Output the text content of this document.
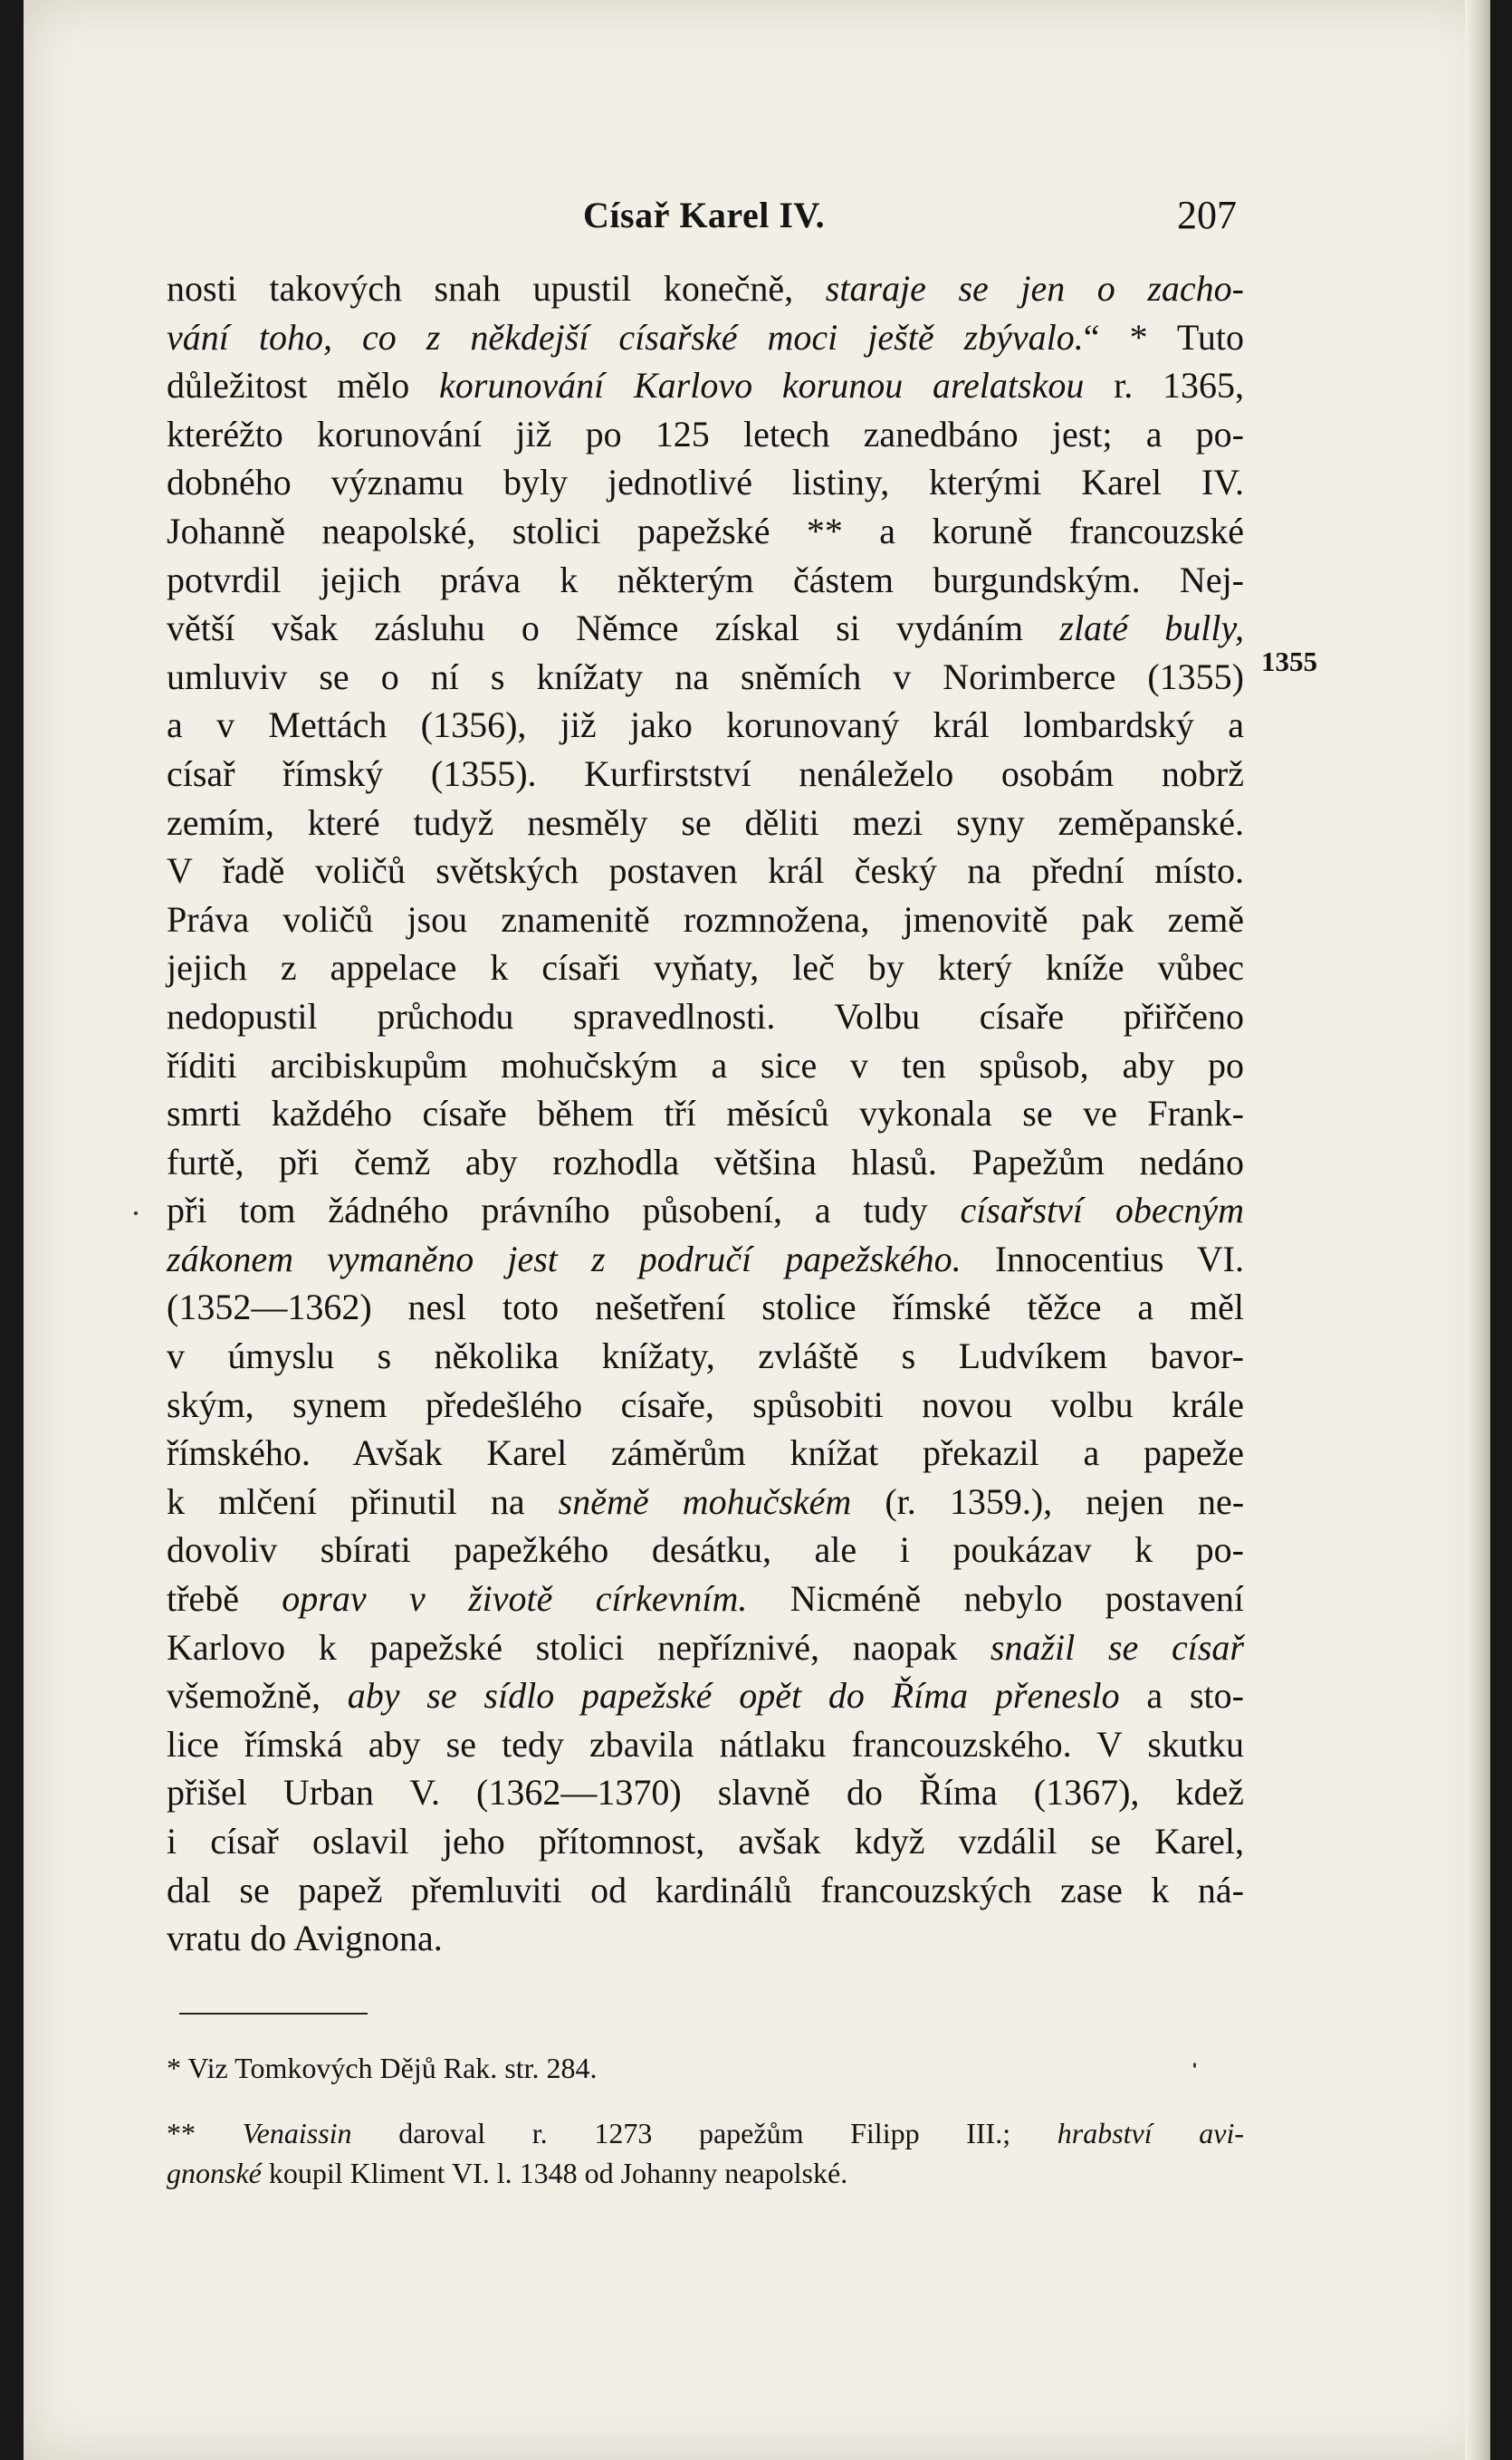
Císař Karel IV.	207
nosti takových snah upustil konečně, staraje se jen o zacho-
vání toho, co z někdejší císařské moci ještě zbývalo.“ * Tuto
důležitost mělo korunování Karlovo korunou arelatskou r. 1365,
kteréžto korunování již po 125 letech zanedbáno jest; a po-
dobného významu byly jednotlivé listiny, kterými Karel IV.
Johanně neapolské, stolici papežské ** a koruně francouzské
potvrdil jejich práva k některým částem burgundským. Nej-
větší však zásluhu o Němce získal si vydáním zlaté bully,
umluviv se o ní s knížaty na sněmích v Norimberce (1355)
a v Mettách (1356), již jako korunovaný král lombardský a
císař římský (1355). Kurfirstství nenáleželo osobám nobrž
zemím, které tudyž nesměly se děliti mezi syny zeměpanské.
V řadě voličů světských postaven král český na přední místo.
Práva voličů jsou znamenitě rozmnožena, jmenovitě pak země
jejich z appelace k císaři vyňaty, leč by který kníže vůbec
nedopustil průchodu spravedlnosti. Volbu císaře přiřčeno
říditi arcibiskupům mohučským a sice v ten spůsob, aby po
smrti každého císaře během tří měsíců vykonala se ve Frank-
furtě, při čemž aby rozhodla většina hlasů. Papežům nedáno
při tom žádného právního působení, a tudy císařství obecným
zákonem vymaněno jest z područí papežského. Innocentius VI.
(1352—1362) nesl toto nešetření stolice římské těžce a měl
v úmyslu s několika knížaty, zvláště s Ludvíkem bavor-
ským, synem předešlého císaře, spůsobiti novou volbu krále
římského. Avšak Karel záměrům knížat překazil a papeže
k mlčení přinutil na sněmě mohučském (r. 1359.), nejen ne-
dovoliv sbírati papežkého desátku, ale i poukázav k po-
třebě oprav v životě církevním. Nicméně nebylo postavení
Karlovo k papežské stolici nepříznivé, naopak snažil se císař
všemožně, aby se sídlo papežské opět do Říma přeneslo a sto-
lice římská aby se tedy zbavila nátlaku francouzského. V skutku
přišel Urban V. (1362—1370) slavně do Říma (1367), kdež
i císař oslavil jeho přítomnost, avšak když vzdálil se Karel,
dal se papež přemluviti od kardinálů francouzských zase k ná-
vratu do Avignona.
1355
* Viz Tomkových Dějů Rak. str. 284.
** Venaissin daroval r. 1273 papežům Filipp III.; hrabství avi-
gnonské koupil Kliment VI. l. 1348 od Johanny neapolské.
